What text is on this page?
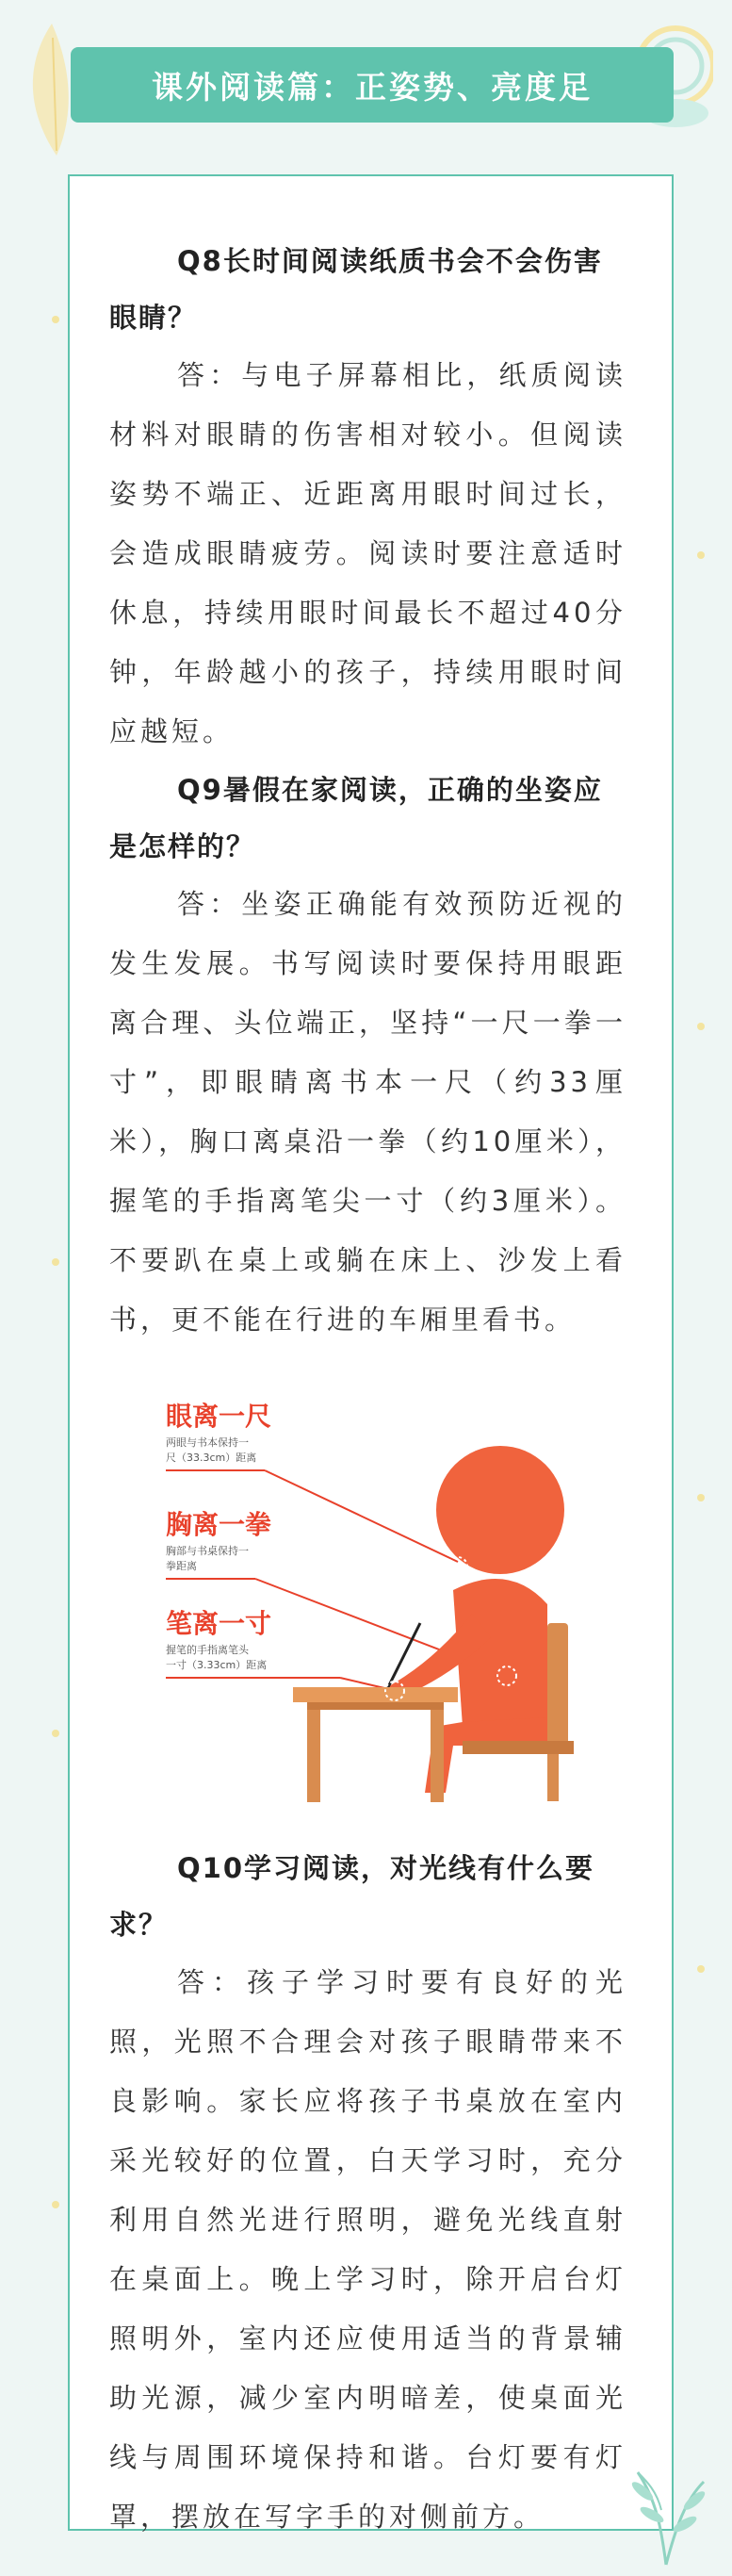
课外阅读篇：正姿势、亮度足

Q8长时间阅读纸质书会不会伤害眼睛？

答：与电子屏幕相比，纸质阅读材料对眼睛的伤害相对较小。但阅读姿势不端正、近距离用眼时间过长，会造成眼睛疲劳。阅读时要注意适时休息，持续用眼时间最长不超过40分钟，年龄越小的孩子，持续用眼时间应越短。

Q9暑假在家阅读，正确的坐姿应是怎样的？

答：坐姿正确能有效预防近视的发生发展。书写阅读时要保持用眼距离合理、头位端正，坚持“一尺一拳一寸”，即眼睛离书本一尺（约33厘米），胸口离桌沿一拳（约10厘米），握笔的手指离笔尖一寸（约3厘米）。不要趴在桌上或躺在床上、沙发上看书，更不能在行进的车厢里看书。

眼离一尺
两眼与书本保持一
尺（33.3cm）距离
胸离一拳
胸部与书桌保持一
拳距离
笔离一寸
握笔的手指离笔头
一寸（3.33cm）距离

Q10学习阅读，对光线有什么要求？

答：孩子学习时要有良好的光照，光照不合理会对孩子眼睛带来不良影响。家长应将孩子书桌放在室内采光较好的位置，白天学习时，充分利用自然光进行照明，避免光线直射在桌面上。晚上学习时，除开启台灯照明外，室内还应使用适当的背景辅助光源，减少室内明暗差，使桌面光线与周围环境保持和谐。台灯要有灯罩，摆放在写字手的对侧前方。
